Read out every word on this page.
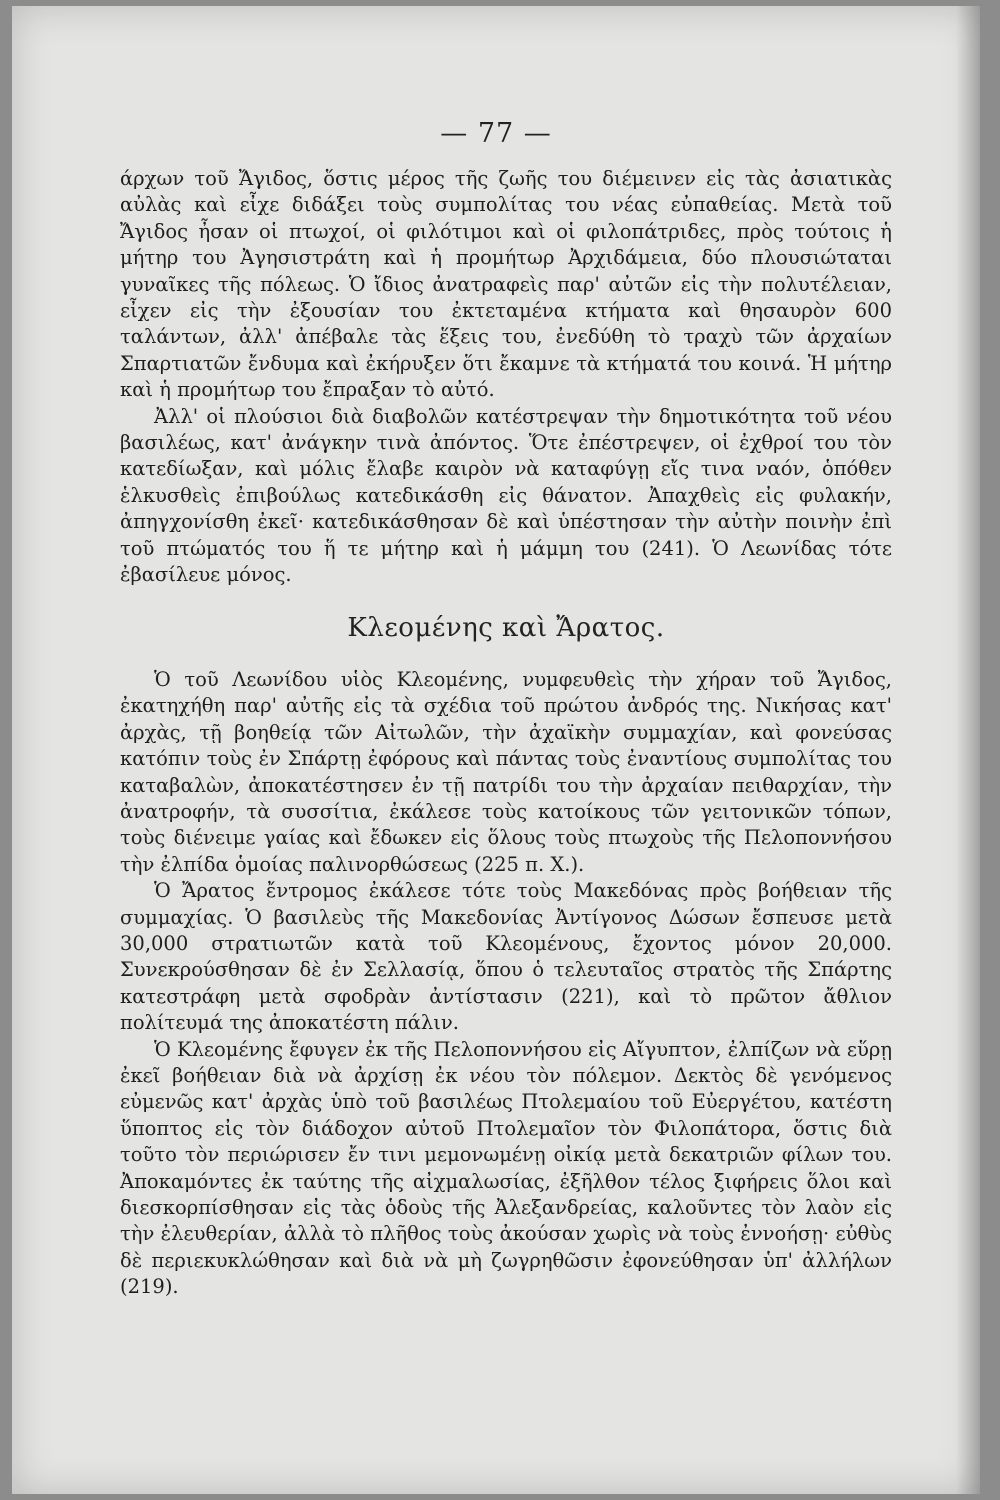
— 77 —

άρχων τοῦ Ἄγιδος, ὅστις μέρος τῆς ζωῆς του διέμεινεν εἰς τὰς ἀσιατικὰς αὐλὰς καὶ εἶχε διδάξει τοὺς συμπολίτας του νέας εὐπαθείας. Μετὰ τοῦ Ἄγιδος ἦσαν οἱ πτωχοί, οἱ φιλότιμοι καὶ οἱ φιλοπάτριδες, πρὸς τούτοις ἡ μήτηρ του Ἀγησιστράτη καὶ ἡ προμήτωρ Ἀρχιδάμεια, δύο πλουσιώταται γυναῖκες τῆς πόλεως. Ὁ ἴδιος ἀνατραφεὶς παρ' αὐτῶν εἰς τὴν πολυτέλειαν, εἶχεν εἰς τὴν ἐξουσίαν του ἐκτεταμένα κτήματα καὶ θησαυρὸν 600 ταλάντων, ἀλλ' ἀπέβαλε τὰς ἕξεις του, ἐνεδύθη τὸ τραχὺ τῶν ἀρχαίων Σπαρτιατῶν ἔνδυμα καὶ ἐκήρυξεν ὅτι ἔκαμνε τὰ κτήματά του κοινά. Ἡ μήτηρ καὶ ἡ προμήτωρ του ἔπραξαν τὸ αὐτό.

Ἀλλ' οἱ πλούσιοι διὰ διαβολῶν κατέστρεψαν τὴν δημοτικότητα τοῦ νέου βασιλέως, κατ' ἀνάγκην τινὰ ἀπόντος. Ὅτε ἐπέστρεψεν, οἱ ἐχθροί του τὸν κατεδίωξαν, καὶ μόλις ἔλαβε καιρὸν νὰ καταφύγῃ εἴς τινα ναόν, ὁπόθεν ἑλκυσθεὶς ἐπιβούλως κατεδικάσθη εἰς θάνατον. Ἀπαχθεὶς εἰς φυλακήν, ἀπηγχονίσθη ἐκεῖ· κατεδικάσθησαν δὲ καὶ ὑπέστησαν τὴν αὐτὴν ποινὴν ἐπὶ τοῦ πτώματός του ἥ τε μήτηρ καὶ ἡ μάμμη του (241). Ὁ Λεωνίδας τότε ἐβασίλευε μόνος.

Κλεομένης καὶ Ἄρατος.

Ὁ τοῦ Λεωνίδου υἱὸς Κλεομένης, νυμφευθεὶς τὴν χήραν τοῦ Ἄγιδος, ἐκατηχήθη παρ' αὐτῆς εἰς τὰ σχέδια τοῦ πρώτου ἀνδρός της. Νικήσας κατ' ἀρχὰς, τῇ βοηθείᾳ τῶν Αἰτωλῶν, τὴν ἀχαϊκὴν συμμαχίαν, καὶ φονεύσας κατόπιν τοὺς ἐν Σπάρτῃ ἐφόρους καὶ πάντας τοὺς ἐναντίους συμπολίτας του καταβαλὼν, ἀποκατέστησεν ἐν τῇ πατρίδι του τὴν ἀρχαίαν πειθαρχίαν, τὴν ἀνατροφήν, τὰ συσσίτια, ἐκάλεσε τοὺς κατοίκους τῶν γειτονικῶν τόπων, τοὺς διένειμε γαίας καὶ ἔδωκεν εἰς ὅλους τοὺς πτωχοὺς τῆς Πελοποννήσου τὴν ἐλπίδα ὁμοίας παλινορθώσεως (225 π. Χ.).

Ὁ Ἄρατος ἔντρομος ἐκάλεσε τότε τοὺς Μακεδόνας πρὸς βοήθειαν τῆς συμμαχίας. Ὁ βασιλεὺς τῆς Μακεδονίας Ἀντίγονος Δώσων ἔσπευσε μετὰ 30,000 στρατιωτῶν κατὰ τοῦ Κλεομένους, ἔχοντος μόνον 20,000. Συνεκρούσθησαν δὲ ἐν Σελλασίᾳ, ὅπου ὁ τελευταῖος στρατὸς τῆς Σπάρτης κατεστράφη μετὰ σφοδρὰν ἀντίστασιν (221), καὶ τὸ πρῶτον ἄθλιον πολίτευμά της ἀποκατέστη πάλιν.

Ὁ Κλεομένης ἔφυγεν ἐκ τῆς Πελοποννήσου εἰς Αἴγυπτον, ἐλπίζων νὰ εὕρῃ ἐκεῖ βοήθειαν διὰ νὰ ἀρχίσῃ ἐκ νέου τὸν πόλεμον. Δεκτὸς δὲ γενόμενος εὐμενῶς κατ' ἀρχὰς ὑπὸ τοῦ βασιλέως Πτολεμαίου τοῦ Εὐεργέτου, κατέστη ὕποπτος εἰς τὸν διάδοχον αὐτοῦ Πτολεμαῖον τὸν Φιλοπάτορα, ὅστις διὰ τοῦτο τὸν περιώρισεν ἔν τινι μεμονωμένῃ οἰκίᾳ μετὰ δεκατριῶν φίλων του. Ἀποκαμόντες ἐκ ταύτης τῆς αἰχμαλωσίας, ἐξῆλθον τέλος ξιφήρεις ὅλοι καὶ διεσκορπίσθησαν εἰς τὰς ὁδοὺς τῆς Ἀλεξανδρείας, καλοῦντες τὸν λαὸν εἰς τὴν ἐλευθερίαν, ἀλλὰ τὸ πλῆθος τοὺς ἀκούσαν χωρὶς νὰ τοὺς ἐννοήσῃ· εὐθὺς δὲ περιεκυκλώθησαν καὶ διὰ νὰ μὴ ζωγρηθῶσιν ἐφονεύθησαν ὑπ' ἀλλήλων (219).
